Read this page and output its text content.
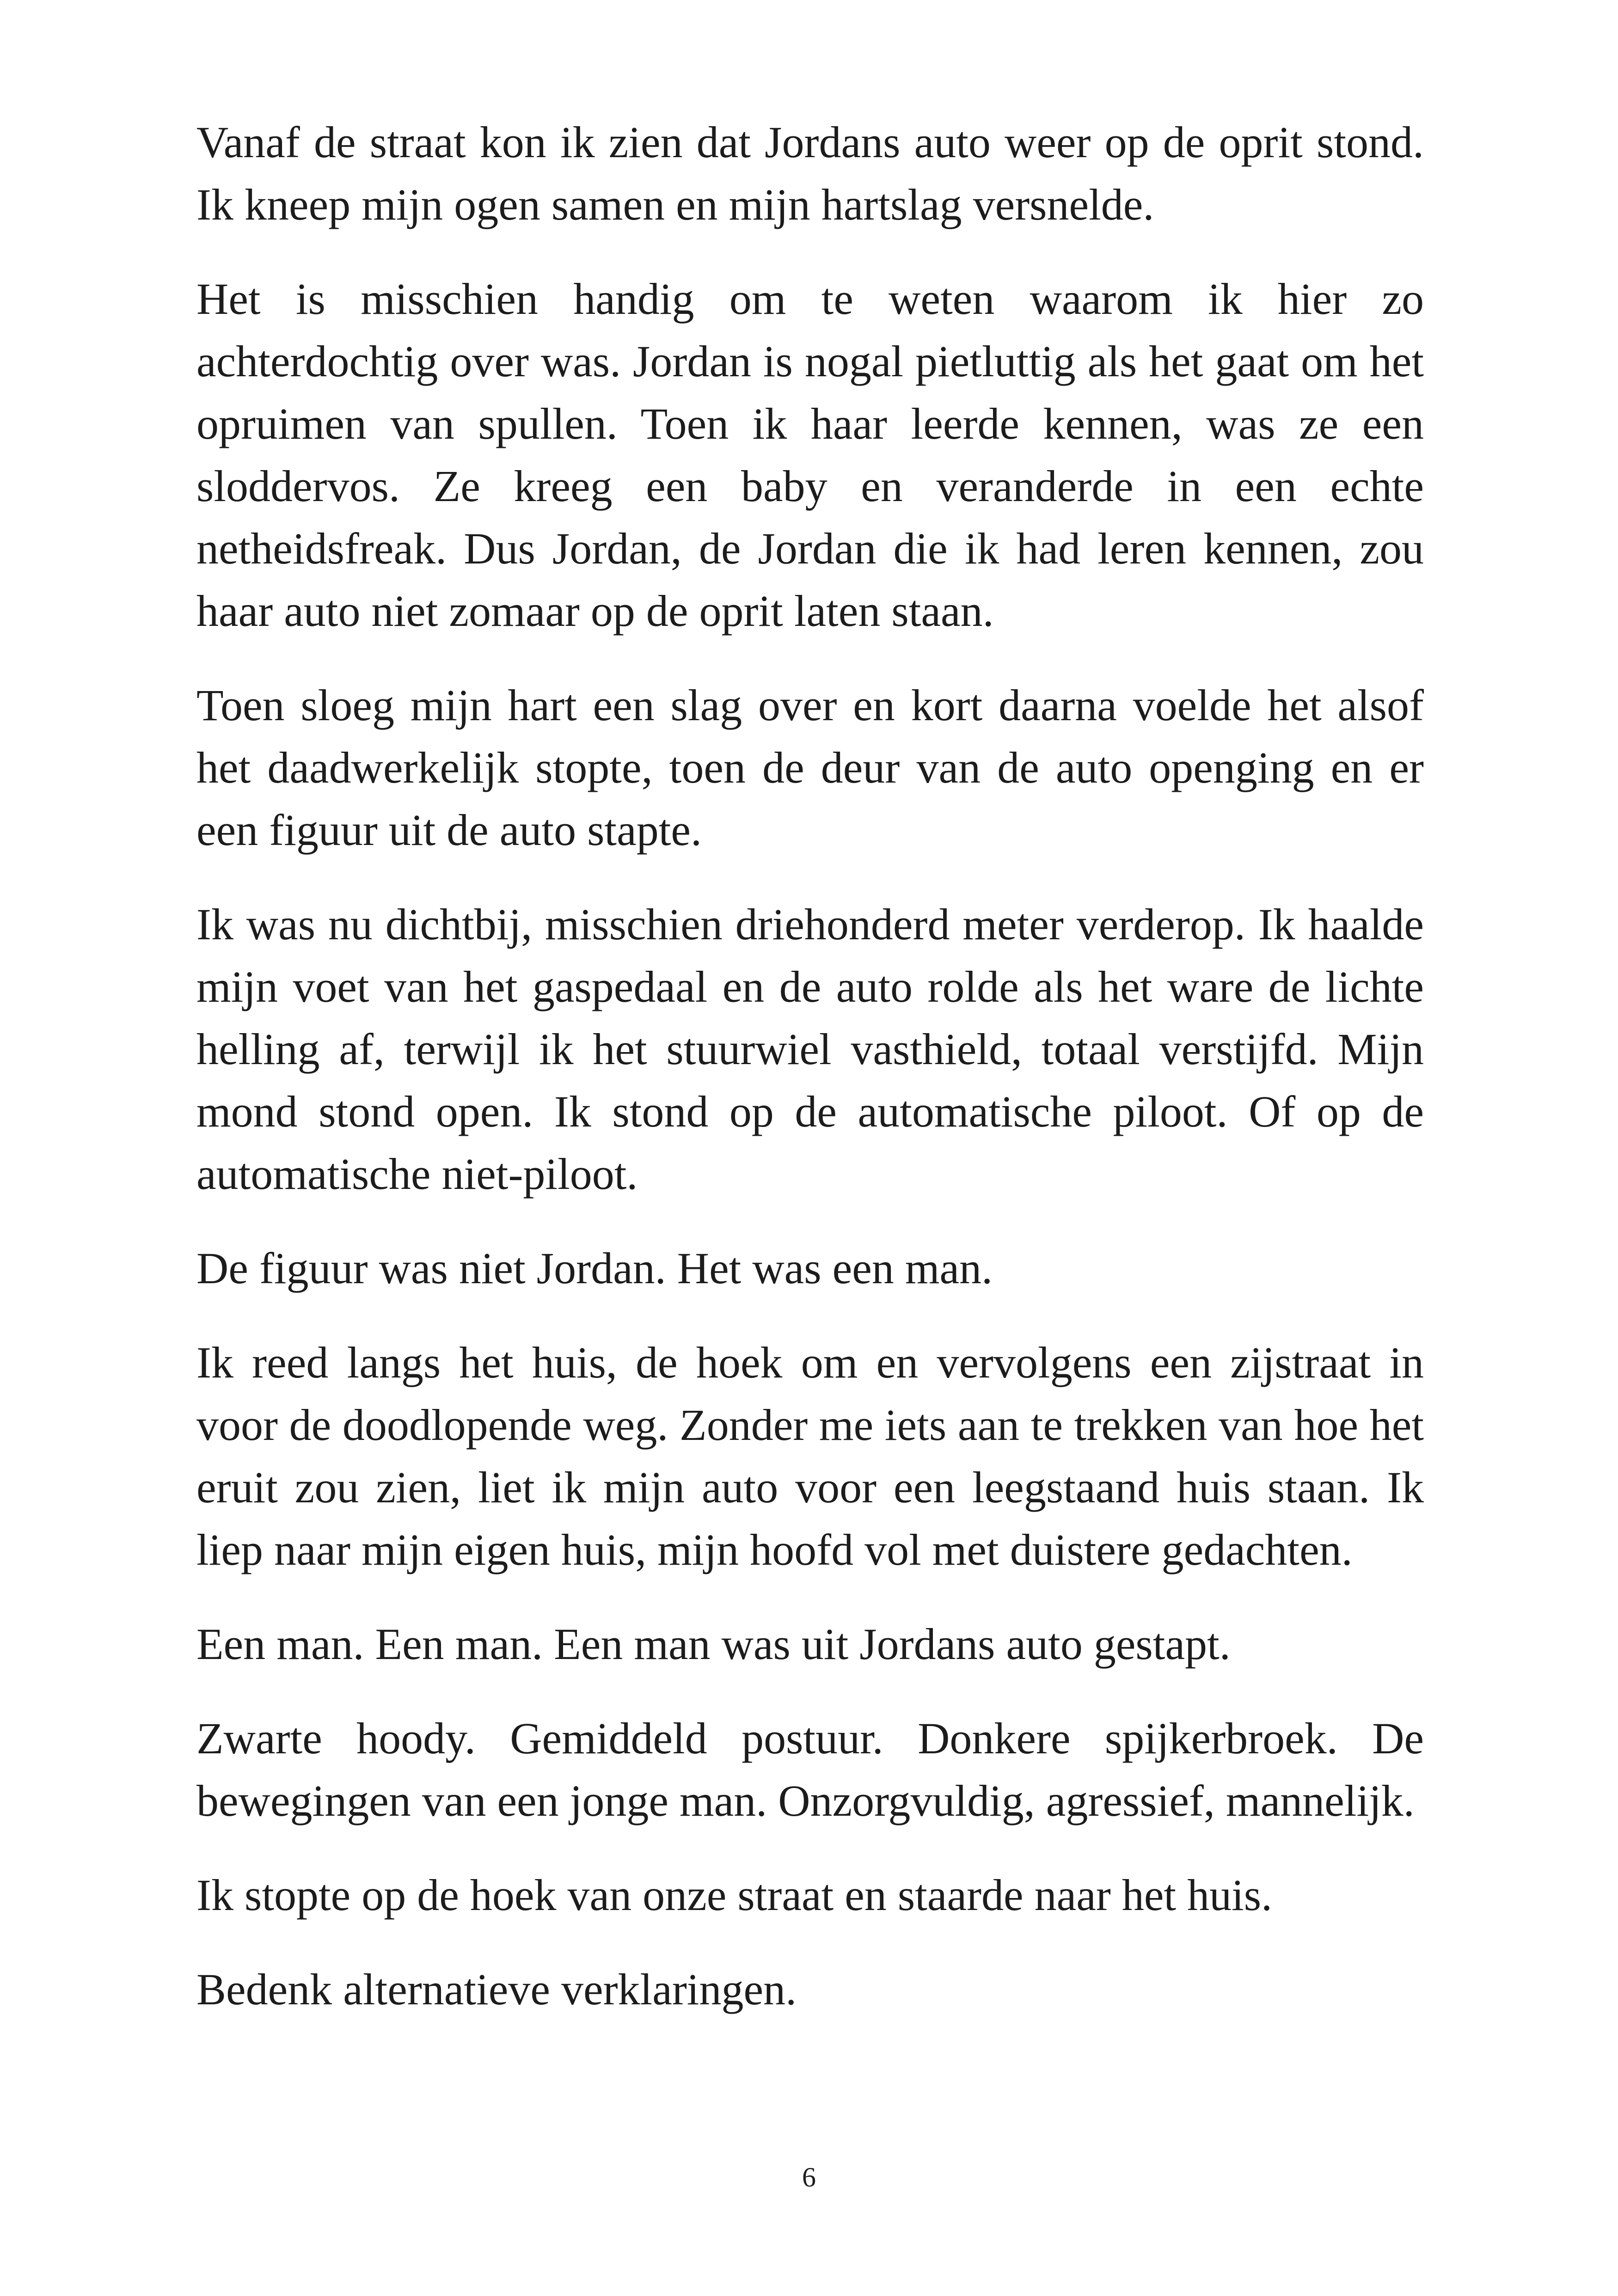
Vanaf de straat kon ik zien dat Jordans auto weer op de oprit stond. Ik kneep mijn ogen samen en mijn hartslag versnelde.

Het is misschien handig om te weten waarom ik hier zo achterdochtig over was. Jordan is nogal pietluttig als het gaat om het opruimen van spullen. Toen ik haar leerde kennen, was ze een sloddervos. Ze kreeg een baby en veranderde in een echte netheidsfreak. Dus Jordan, de Jordan die ik had leren kennen, zou haar auto niet zomaar op de oprit laten staan.

Toen sloeg mijn hart een slag over en kort daarna voelde het alsof het daadwerkelijk stopte, toen de deur van de auto openging en er een figuur uit de auto stapte.

Ik was nu dichtbij, misschien driehonderd meter verderop. Ik haalde mijn voet van het gaspedaal en de auto rolde als het ware de lichte helling af, terwijl ik het stuurwiel vasthield, totaal verstijfd. Mijn mond stond open. Ik stond op de automatische piloot. Of op de automatische niet-piloot.

De figuur was niet Jordan. Het was een man.

Ik reed langs het huis, de hoek om en vervolgens een zijstraat in voor de doodlopende weg. Zonder me iets aan te trekken van hoe het eruit zou zien, liet ik mijn auto voor een leegstaand huis staan. Ik liep naar mijn eigen huis, mijn hoofd vol met duistere gedachten.

Een man. Een man. Een man was uit Jordans auto gestapt.

Zwarte hoody. Gemiddeld postuur. Donkere spijkerbroek. De bewegingen van een jonge man. Onzorgvuldig, agressief, mannelijk.

Ik stopte op de hoek van onze straat en staarde naar het huis.

Bedenk alternatieve verklaringen.

6
